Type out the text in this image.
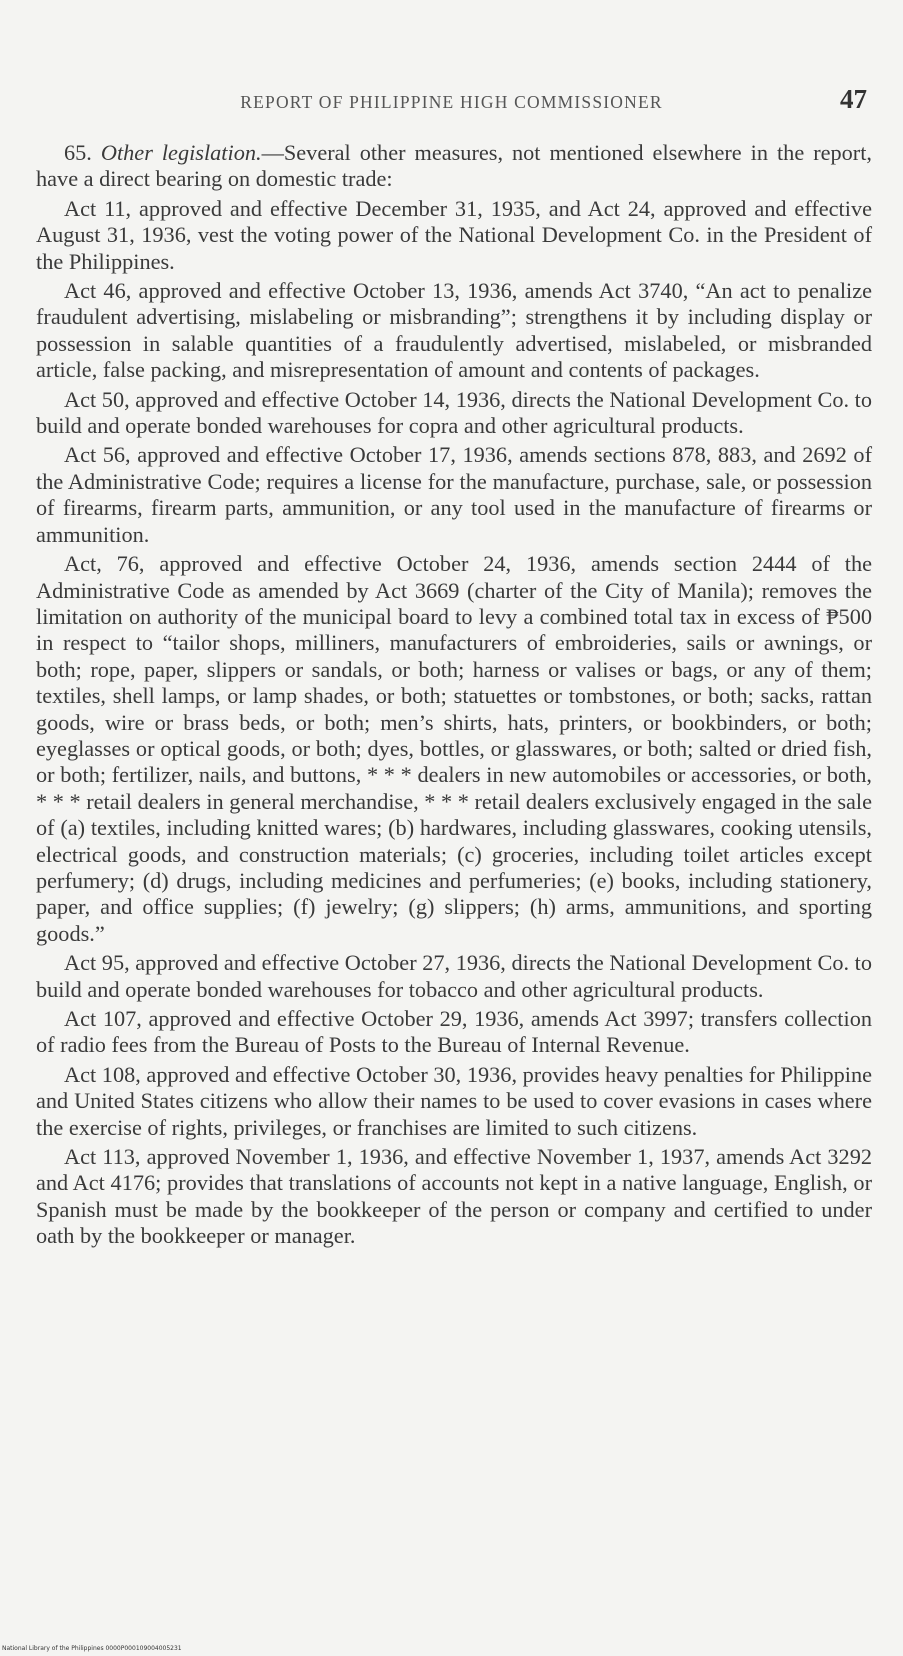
REPORT OF PHILIPPINE HIGH COMMISSIONER	47

65. Other legislation.—Several other measures, not mentioned elsewhere in the report, have a direct bearing on domestic trade:

Act 11, approved and effective December 31, 1935, and Act 24, approved and effective August 31, 1936, vest the voting power of the National Development Co. in the President of the Philippines.

Act 46, approved and effective October 13, 1936, amends Act 3740, “An act to penalize fraudulent advertising, mislabeling or misbranding”; strengthens it by including display or possession in salable quantities of a fraudulently advertised, mislabeled, or misbranded article, false packing, and misrepresentation of amount and contents of packages.

Act 50, approved and effective October 14, 1936, directs the National Development Co. to build and operate bonded warehouses for copra and other agricultural products.

Act 56, approved and effective October 17, 1936, amends sections 878, 883, and 2692 of the Administrative Code; requires a license for the manufacture, purchase, sale, or possession of firearms, firearm parts, ammunition, or any tool used in the manufacture of firearms or ammunition.

Act, 76, approved and effective October 24, 1936, amends section 2444 of the Administrative Code as amended by Act 3669 (charter of the City of Manila); removes the limitation on authority of the municipal board to levy a combined total tax in excess of ₱500 in respect to “tailor shops, milliners, manufacturers of embroideries, sails or awnings, or both; rope, paper, slippers or sandals, or both; harness or valises or bags, or any of them; textiles, shell lamps, or lamp shades, or both; statuettes or tombstones, or both; sacks, rattan goods, wire or brass beds, or both; men’s shirts, hats, printers, or bookbinders, or both; eyeglasses or optical goods, or both; dyes, bottles, or glasswares, or both; salted or dried fish, or both; fertilizer, nails, and buttons, * * * dealers in new automobiles or accessories, or both, * * * retail dealers in general merchandise, * * * retail dealers exclusively engaged in the sale of (a) textiles, including knitted wares; (b) hardwares, including glasswares, cooking utensils, electrical goods, and construction materials; (c) groceries, including toilet articles except perfumery; (d) drugs, including medicines and perfumeries; (e) books, including stationery, paper, and office supplies; (f) jewelry; (g) slippers; (h) arms, ammunitions, and sporting goods.”

Act 95, approved and effective October 27, 1936, directs the National Development Co. to build and operate bonded warehouses for tobacco and other agricultural products.

Act 107, approved and effective October 29, 1936, amends Act 3997; transfers collection of radio fees from the Bureau of Posts to the Bureau of Internal Revenue.

Act 108, approved and effective October 30, 1936, provides heavy penalties for Philippine and United States citizens who allow their names to be used to cover evasions in cases where the exercise of rights, privileges, or franchises are limited to such citizens.

Act 113, approved November 1, 1936, and effective November 1, 1937, amends Act 3292 and Act 4176; provides that translations of accounts not kept in a native language, English, or Spanish must be made by the bookkeeper of the person or company and certified to under oath by the bookkeeper or manager.

National Library of the Philippines 0000P000109004005231
